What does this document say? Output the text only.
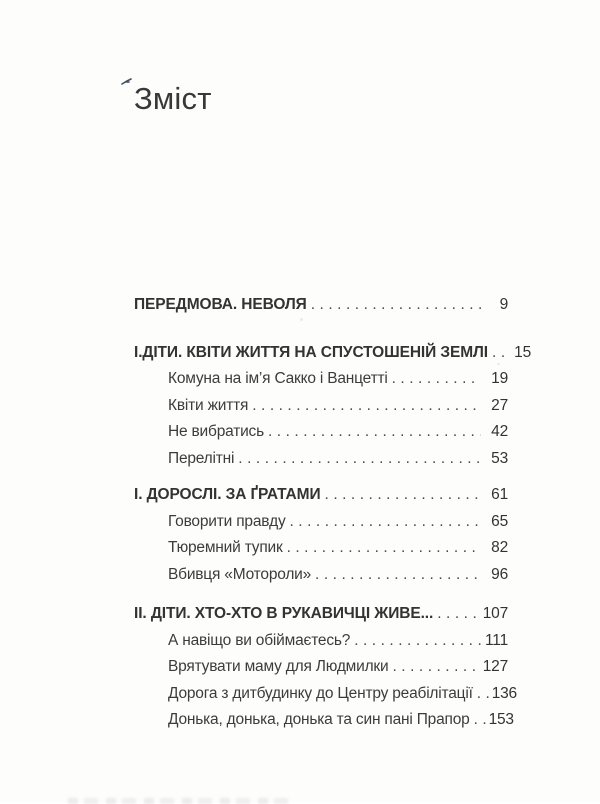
Зміст
ПЕРЕДМОВА. НЕВОЛЯ .....	9
І.ДІТИ. КВІТИ ЖИТТЯ НА СПУСТОШЕНІЙ ЗЕМЛІ .....	15
Комуна на ім’я Сакко і Ванцетті .....	19
Квіти життя .....	27
Не вибратись .....	42
Перелітні .....	53
І. ДОРОСЛІ. ЗА ҐРАТАМИ .....	61
Говорити правду .....	65
Тюремний тупик .....	82
Вбивця «Мотороли» .....	96
ІІ. ДІТИ. ХТО-ХТО В РУКАВИЧЦІ ЖИВЕ... .....	107
А навіщо ви обіймаєтесь? .....	111
Врятувати маму для Людмилки .....	127
Дорога з дитбудинку до Центру реабілітації ..... 136
Донька, донька, донька та син пані Прапор ..... 153
